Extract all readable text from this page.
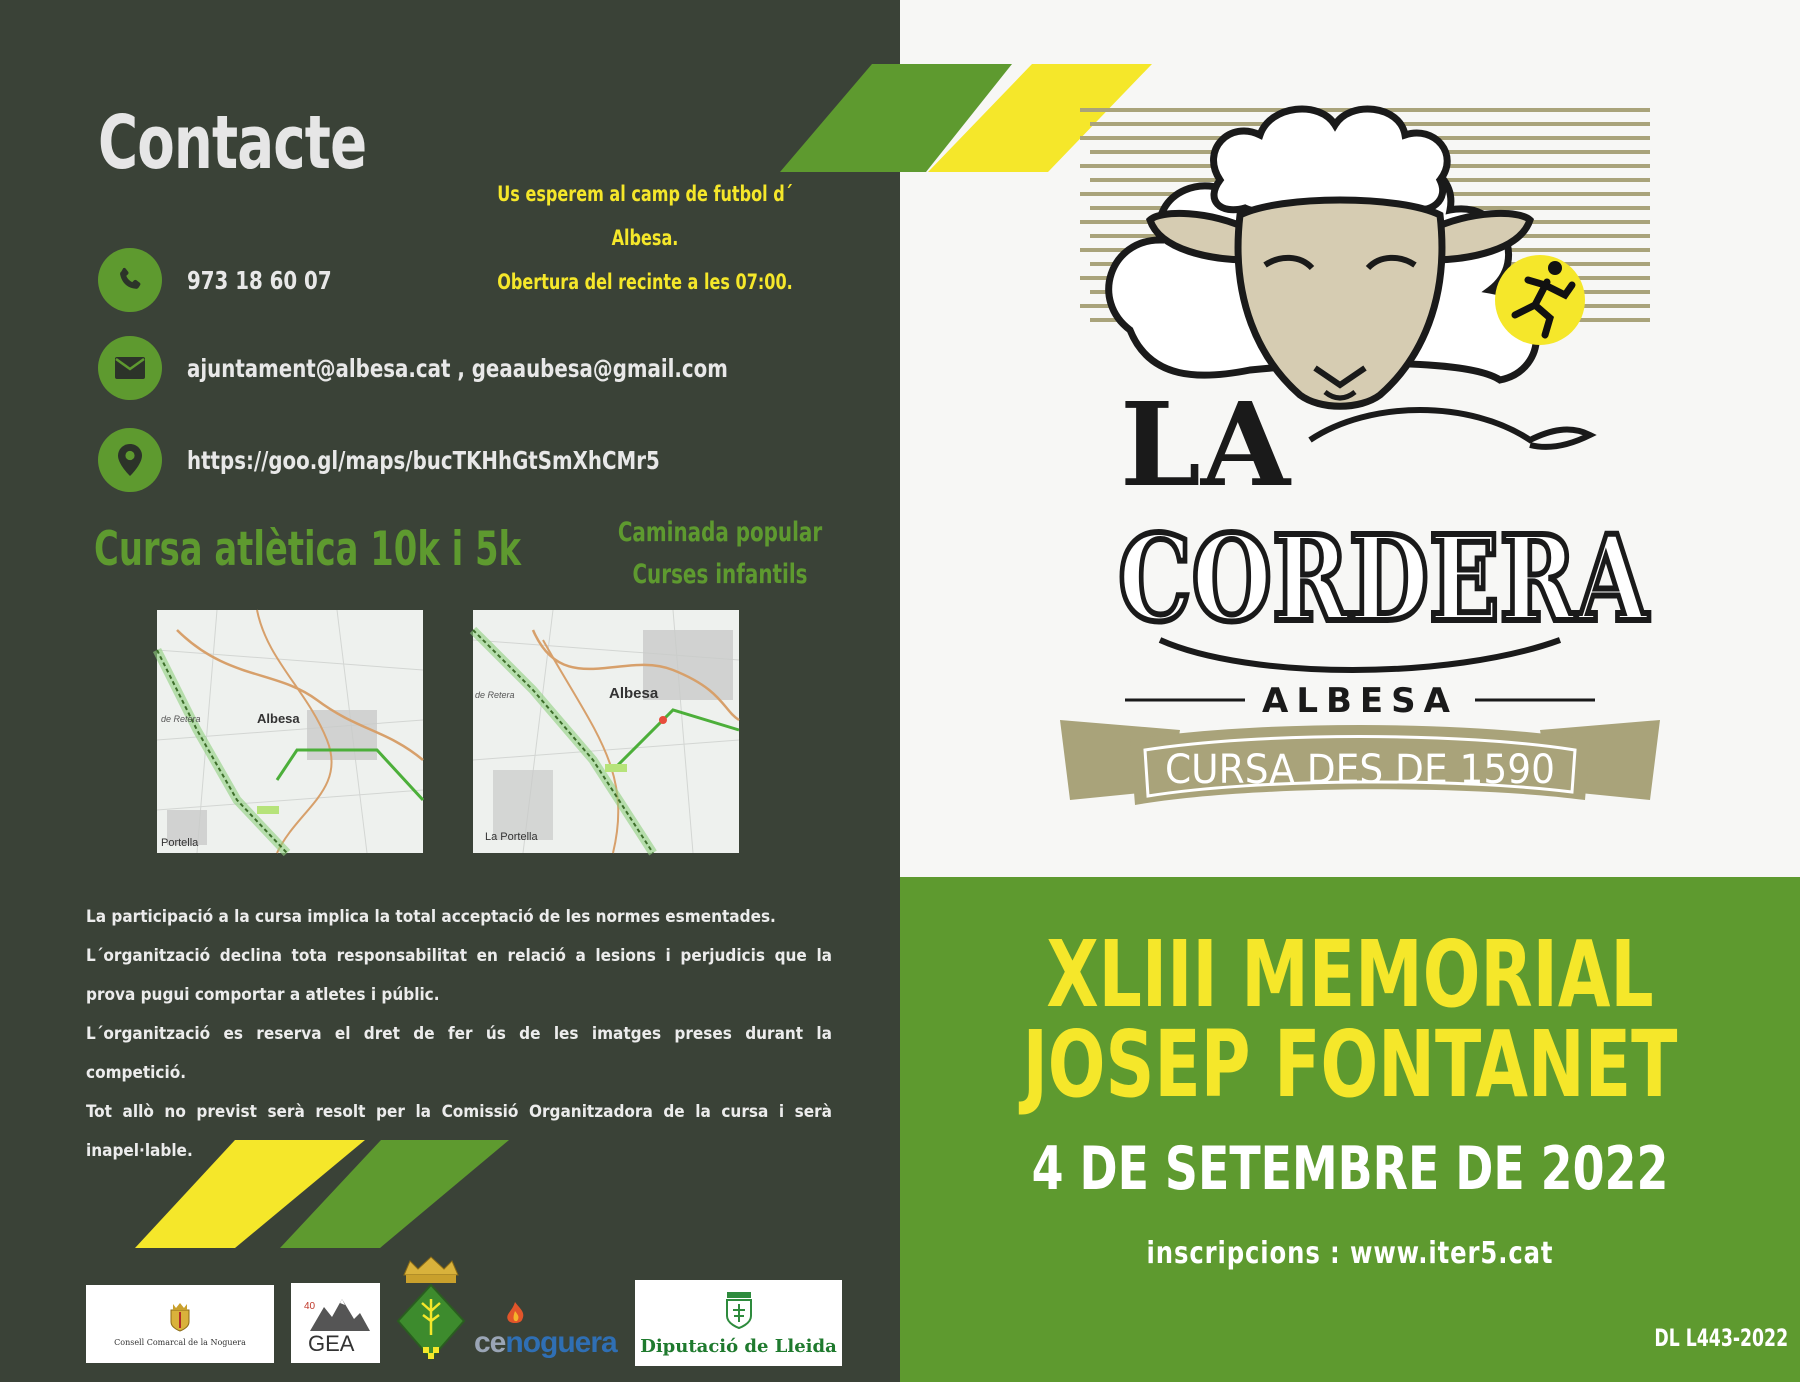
Contacte
Us esperem al camp de futbol d´ Albesa.
Obertura del recinte a les 07:00.
973 18 60 07
ajuntament@albesa.cat , geaaubesa@gmail.com
https://goo.gl/maps/bucTKHhGtSmXhCMr5
Cursa atlètica 10k i 5k	Caminada popular
Curses infantils
Albesa
de Retera
Portella
Albesa
de Retera
La Portella

La participació a la cursa implica la total acceptació de les normes esmentades.

L´organització declina tota responsabilitat en relació a lesions i perjudicis que la prova pugui comportar a atletes i públic.

L´organització es reserva el dret de fer ús de les imatges preses durant la competició.

Tot allò no previst serà resolt per la Comissió Organitzadora de la cursa i serà inapel·lable.

Consell Comarcal de la Noguera
40
GEA	cenoguera Diputació de Lleida
LA
CORDERA
ALBESA
CURSA DES DE 1590
XLIII MEMORIAL
JOSEP FONTANET
4 DE SETEMBRE DE 2022
inscripcions : www.iter5.cat
DL L443-2022
